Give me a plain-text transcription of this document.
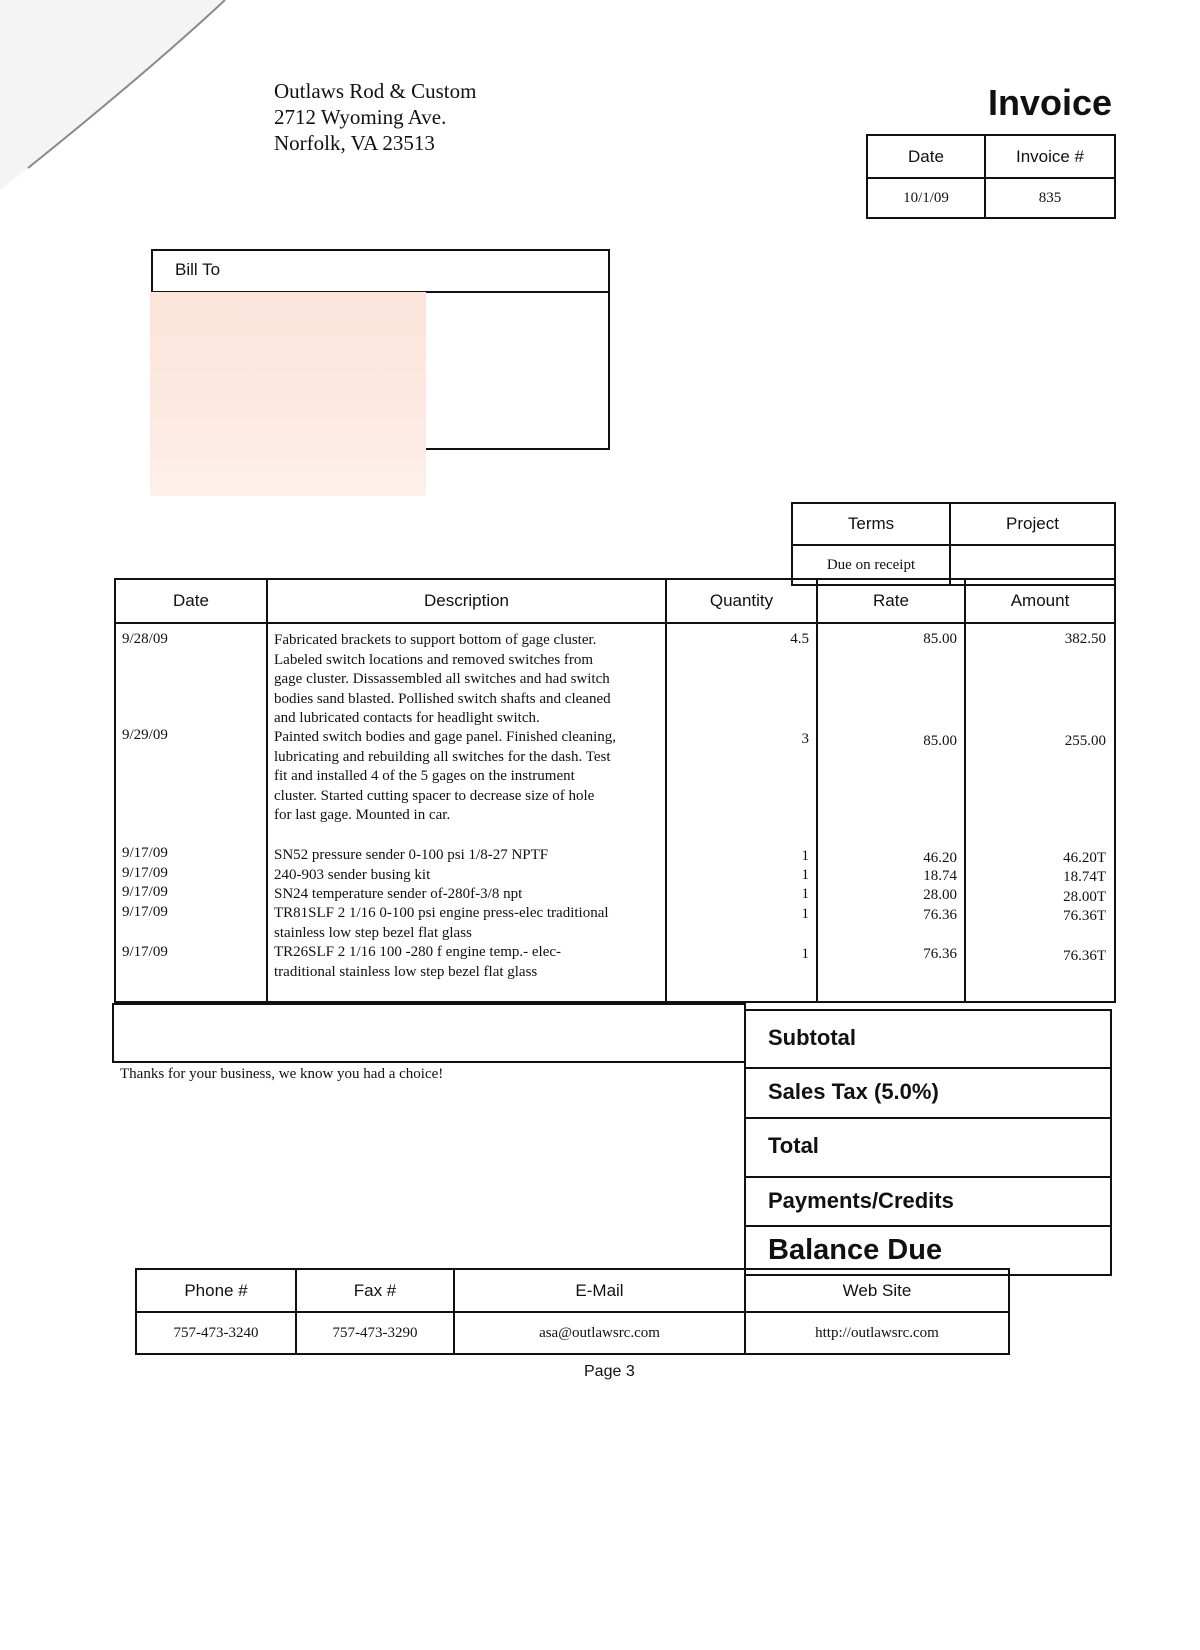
Outlaws Rod & Custom
2712 Wyoming Ave.
Norfolk, VA 23513
Invoice
Date	Invoice #
10/1/09	835
Bill To
Terms	Project
Due on receipt
Date	Description	Quantity	Rate	Amount
9/28/09	Fabricated brackets to support bottom of gage cluster.
Labeled switch locations and removed switches from
gage cluster. Dissassembled all switches and had switch
bodies sand blasted. Pollished switch shafts and cleaned
and lubricated contacts for headlight switch.
4.5	85.00	382.50
9/29/09	Painted switch bodies and gage panel. Finished cleaning,
lubricating and rebuilding all switches for the dash. Test
fit and installed 4 of the 5 gages on the instrument
cluster. Started cutting spacer to decrease size of hole
for last gage. Mounted in car.
3	85.00	255.00
9/17/09	SN52 pressure sender 0-100 psi 1/8-27 NPTF	1	46.20	46.20T
9/17/09	240-903 sender busing kit	1	18.74	18.74T
9/17/09	SN24 temperature sender of-280f-3/8 npt	1	28.00	28.00T
9/17/09	TR81SLF 2 1/16 0-100 psi engine press-elec traditional
stainless low step bezel flat glass
1	76.36	76.36T
9/17/09	TR26SLF 2 1/16 100 -280 f engine temp.- elec-
traditional stainless low step bezel flat glass
1	76.36	76.36T
Thanks for your business, we know you had a choice!
Subtotal
Sales Tax (5.0%)
Total
Payments/Credits
Balance Due
Phone #	Fax #	E-Mail	Web Site
757-473-3240	757-473-3290	asa@outlawsrc.com	http://outlawsrc.com
Page 3
